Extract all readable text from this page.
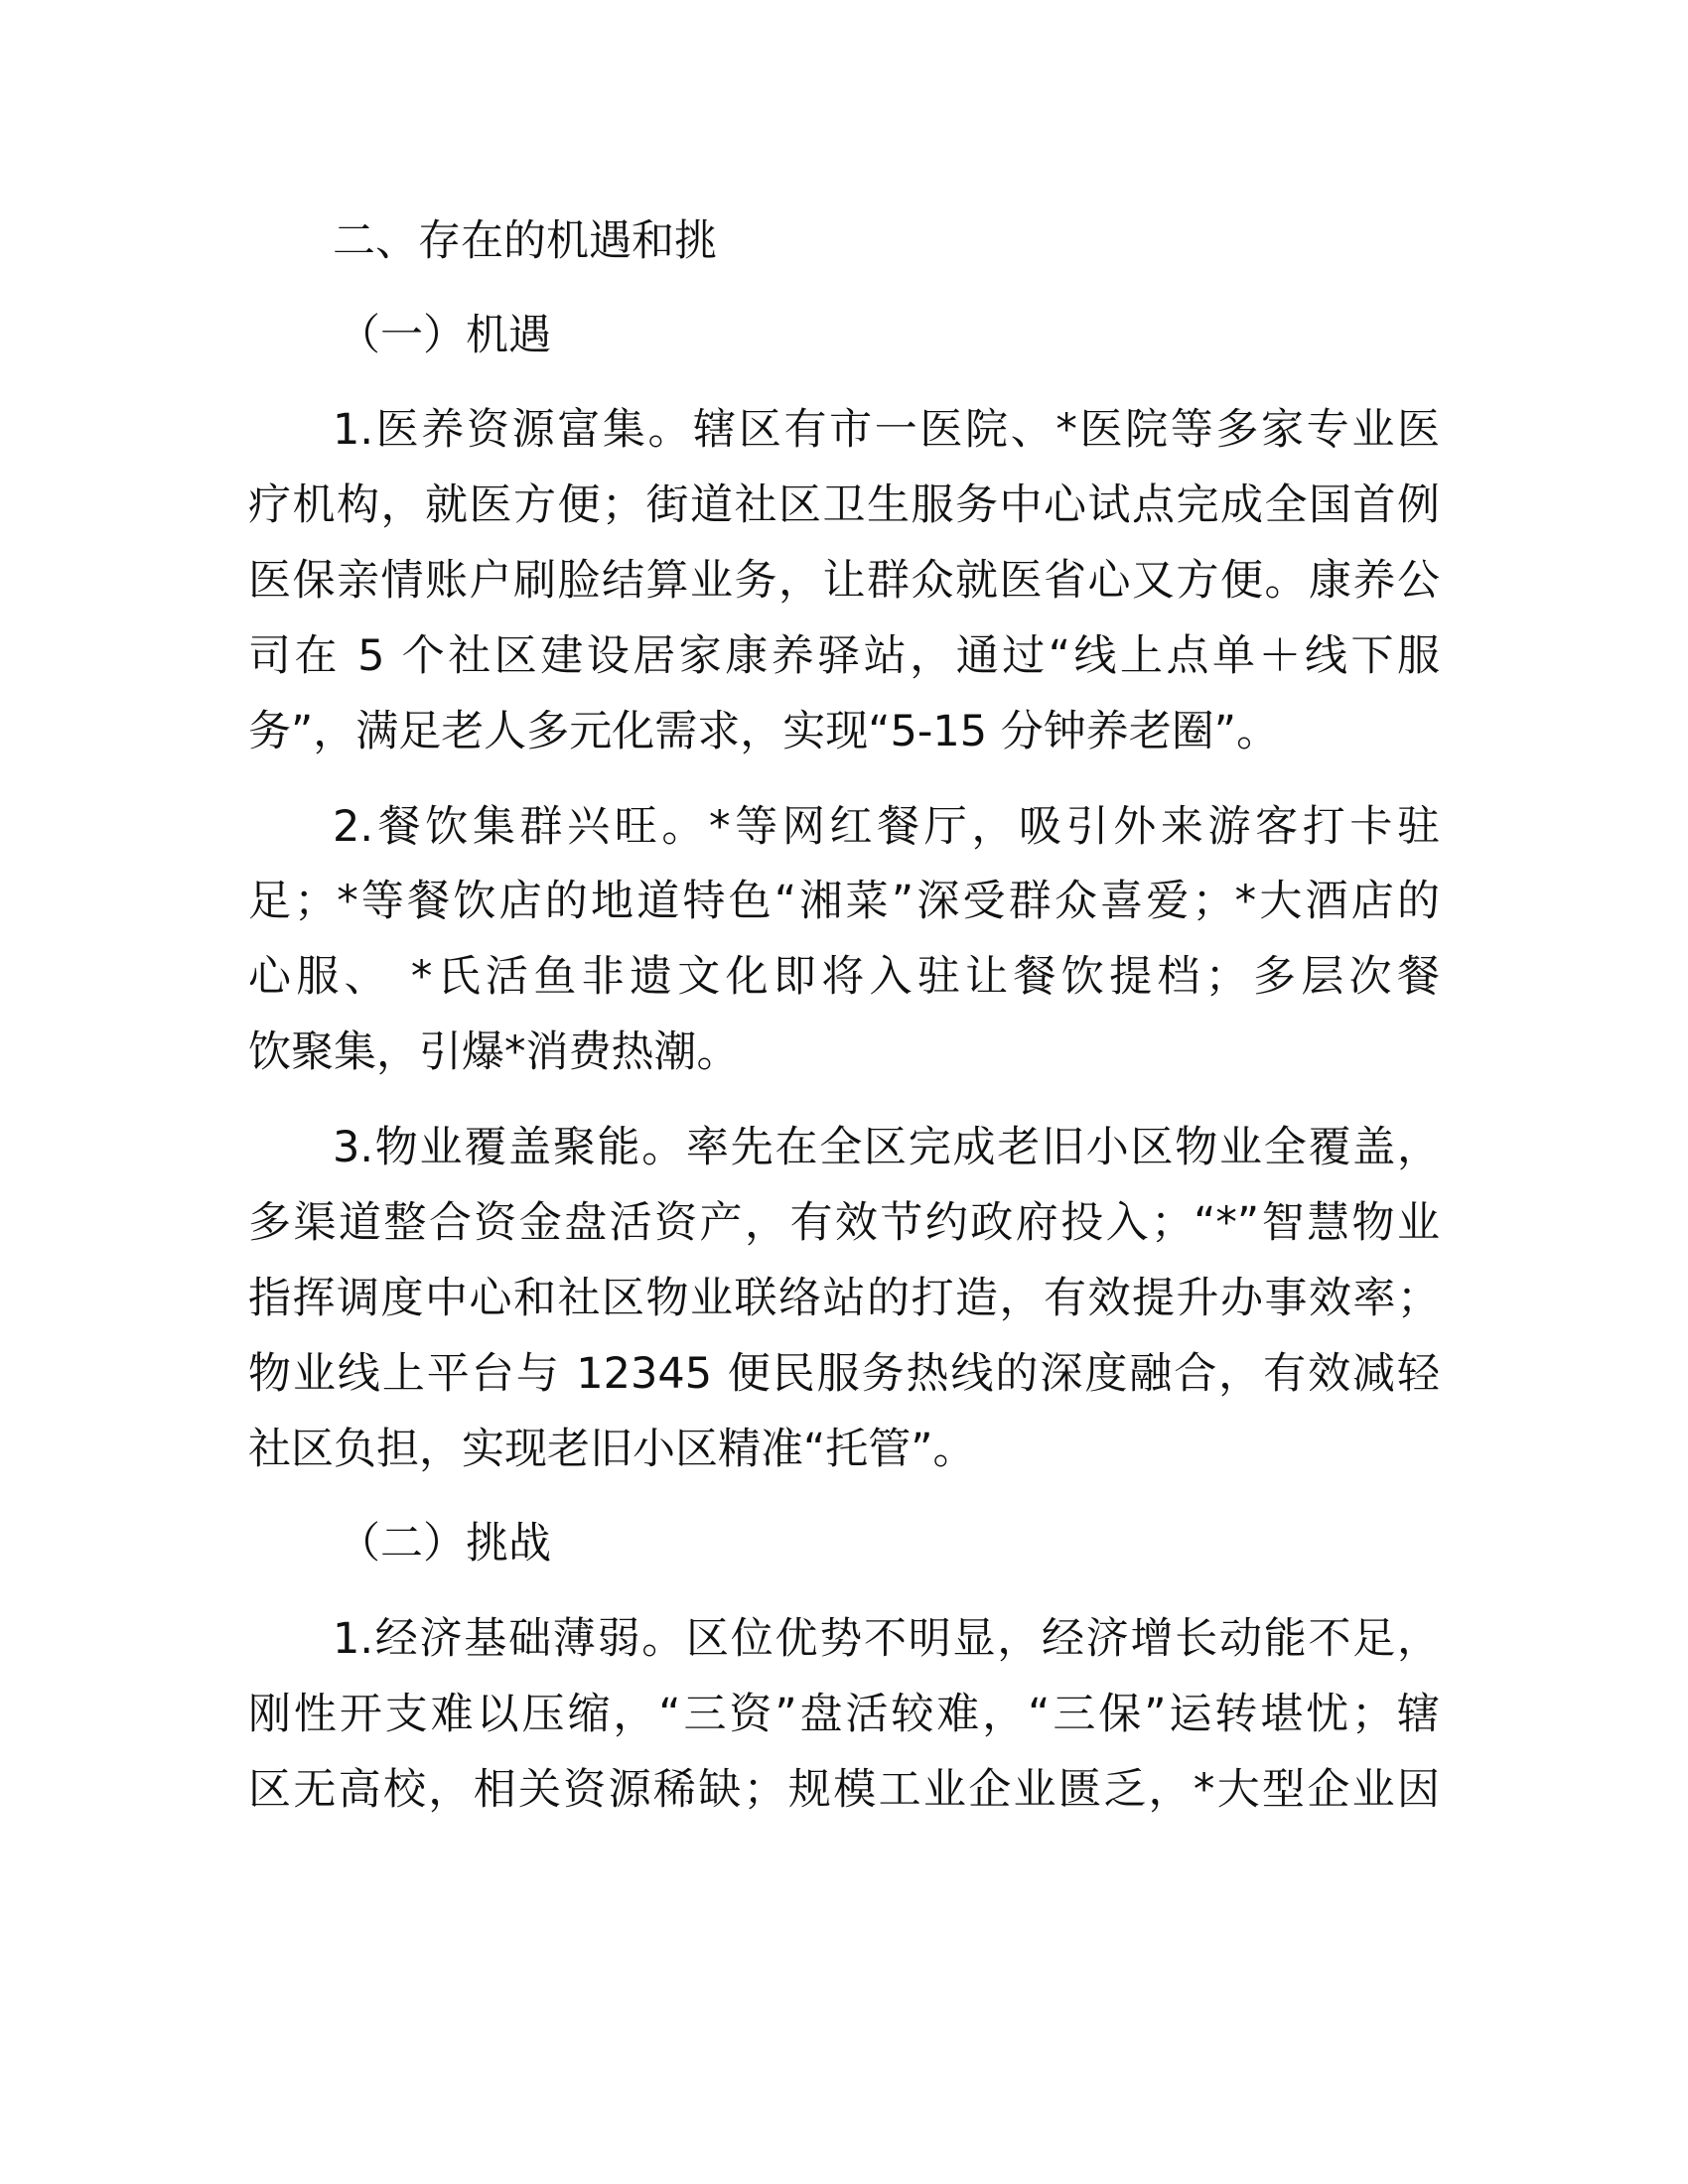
二、存在的机遇和挑
（一）机遇
1.医养资源富集。辖区有市一医院、*医院等多家专业医
疗机构，就医方便；街道社区卫生服务中心试点完成全国首例
医保亲情账户刷脸结算业务，让群众就医省心又方便。康养公
司在 5 个社区建设居家康养驿站，通过“线上点单＋线下服
务”，满足老人多元化需求，实现“5-15 分钟养老圈”。
2.餐饮集群兴旺。*等网红餐厅，吸引外来游客打卡驻
足；*等餐饮店的地道特色“湘菜”深受群众喜爱；*大酒店的
心服、 *氏活鱼非遗文化即将入驻让餐饮提档；多层次餐
饮聚集，引爆*消费热潮。
3.物业覆盖聚能。率先在全区完成老旧小区物业全覆盖，
多渠道整合资金盘活资产，有效节约政府投入；“*”智慧物业
指挥调度中心和社区物业联络站的打造，有效提升办事效率；
物业线上平台与 12345 便民服务热线的深度融合，有效减轻
社区负担，实现老旧小区精准“托管”。
（二）挑战
1.经济基础薄弱。区位优势不明显，经济增长动能不足，
刚性开支难以压缩，“三资”盘活较难，“三保”运转堪忧；辖
区无高校，相关资源稀缺；规模工业企业匮乏，*大型企业因
